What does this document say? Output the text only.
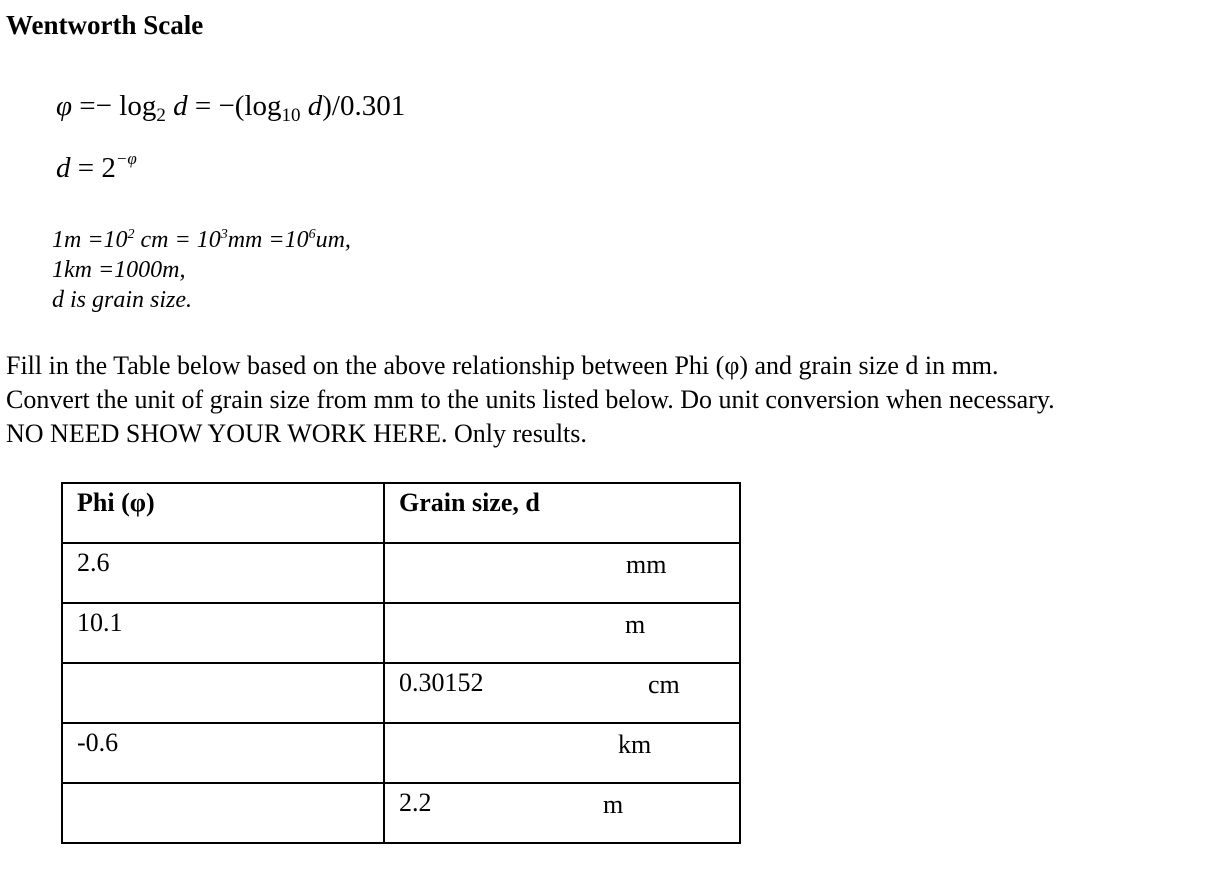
Wentworth Scale
$\varphi =- \log_2 d = -(\log_{10}$ d)/0.301
$d = 2^{-\varphi}$
$1m =10^2$ cm = $10^3mm =10^6um$,
1km =1000m,
d is grain size.
Fill in the Table below based on the above relationship between Phi (φ) and grain size d in mm.
Convert the unit of grain size from mm to the units listed below. Do unit conversion when necessary.
NO NEED SHOW YOUR WORK HERE. Only results.
Phi (φ)	Grain size, d

2.6	mm

10.1	m

	0.30152 cm

-0.6	km

	2.2 m
